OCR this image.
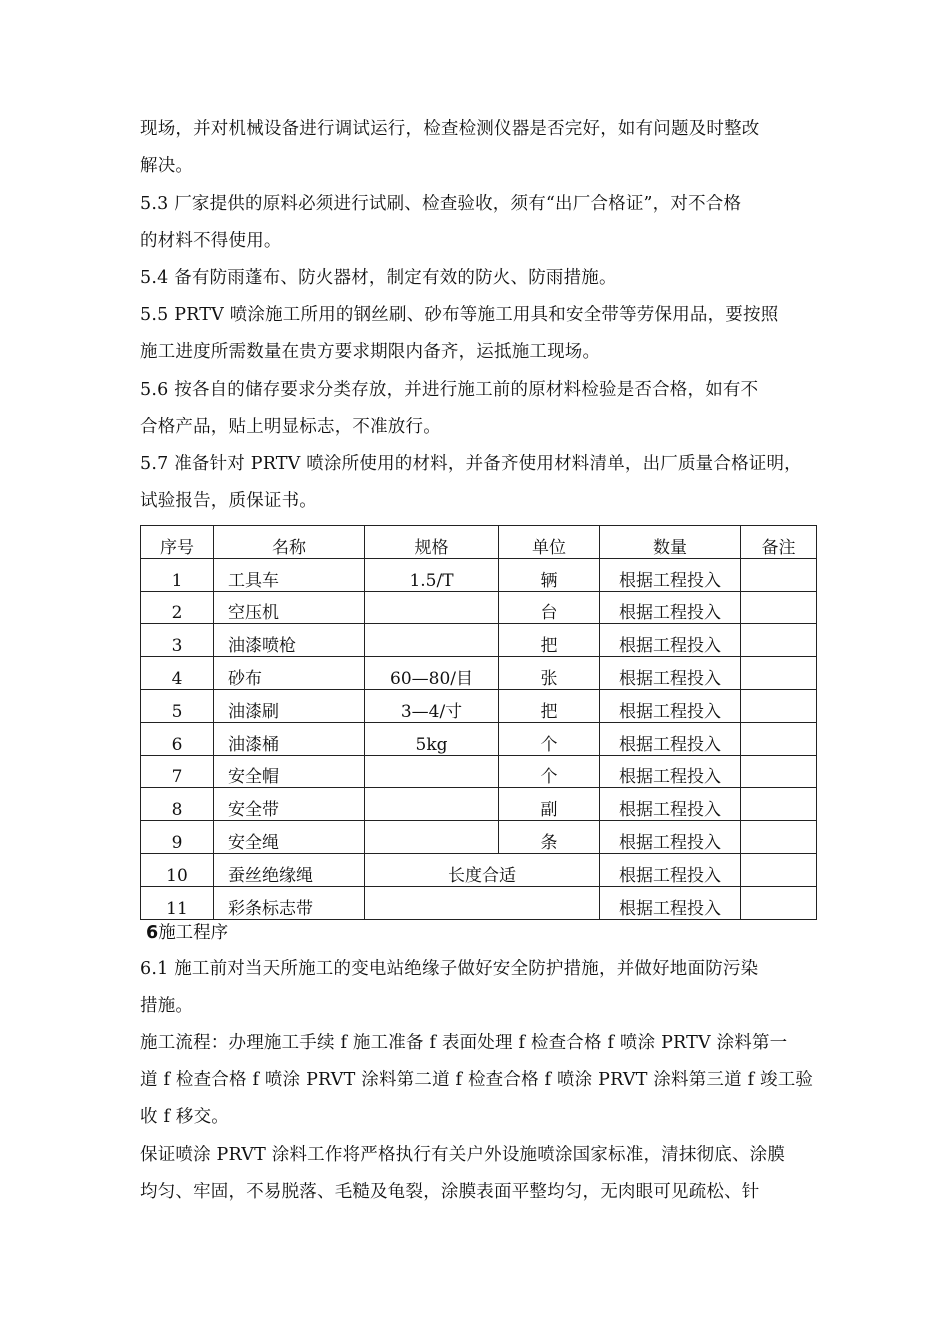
现场，并对机械设备进行调试运行，检查检测仪器是否完好，如有问题及时整改
解决。
5.3 厂家提供的原料必须进行试刷、检查验收，须有“出厂合格证”，对不合格
的材料不得使用。
5.4 备有防雨蓬布、防火器材，制定有效的防火、防雨措施。
5.5 PRTV 喷涂施工所用的钢丝刷、砂布等施工用具和安全带等劳保用品，要按照
施工进度所需数量在贵方要求期限内备齐，运抵施工现场。
5.6 按各自的储存要求分类存放，并进行施工前的原材料检验是否合格，如有不
合格产品，贴上明显标志，不准放行。
5.7 准备针对 PRTV 喷涂所使用的材料，并备齐使用材料清单，出厂质量合格证明，
试验报告，质保证书。
序号	名称	规格	单位	数量	备注
1	工具车	1.5/T	辆	根据工程投入	
2	空压机		台	根据工程投入	
3	油漆喷枪		把	根据工程投入	
4	砂布	60—80/目	张	根据工程投入	
5	油漆刷	3—4/寸	把	根据工程投入	
6	油漆桶	5kg	个	根据工程投入	
7	安全帽		个	根据工程投入	
8	安全带		副	根据工程投入	
9	安全绳		条	根据工程投入	
10	蚕丝绝缘绳	长度合适		根据工程投入	
11	彩条标志带			根据工程投入	
6施工程序
6.1 施工前对当天所施工的变电站绝缘子做好安全防护措施，并做好地面防污染
措施。
施工流程：办理施工手续 f 施工准备 f 表面处理 f 检查合格 f 喷涂 PRTV 涂料第一
道 f 检查合格 f 喷涂 PRVT 涂料第二道 f 检查合格 f 喷涂 PRVT 涂料第三道 f 竣工验
收 f 移交。
保证喷涂 PRVT 涂料工作将严格执行有关户外设施喷涂国家标准，清抹彻底、涂膜
均匀、牢固，不易脱落、毛糙及龟裂，涂膜表面平整均匀，无肉眼可见疏松、针
